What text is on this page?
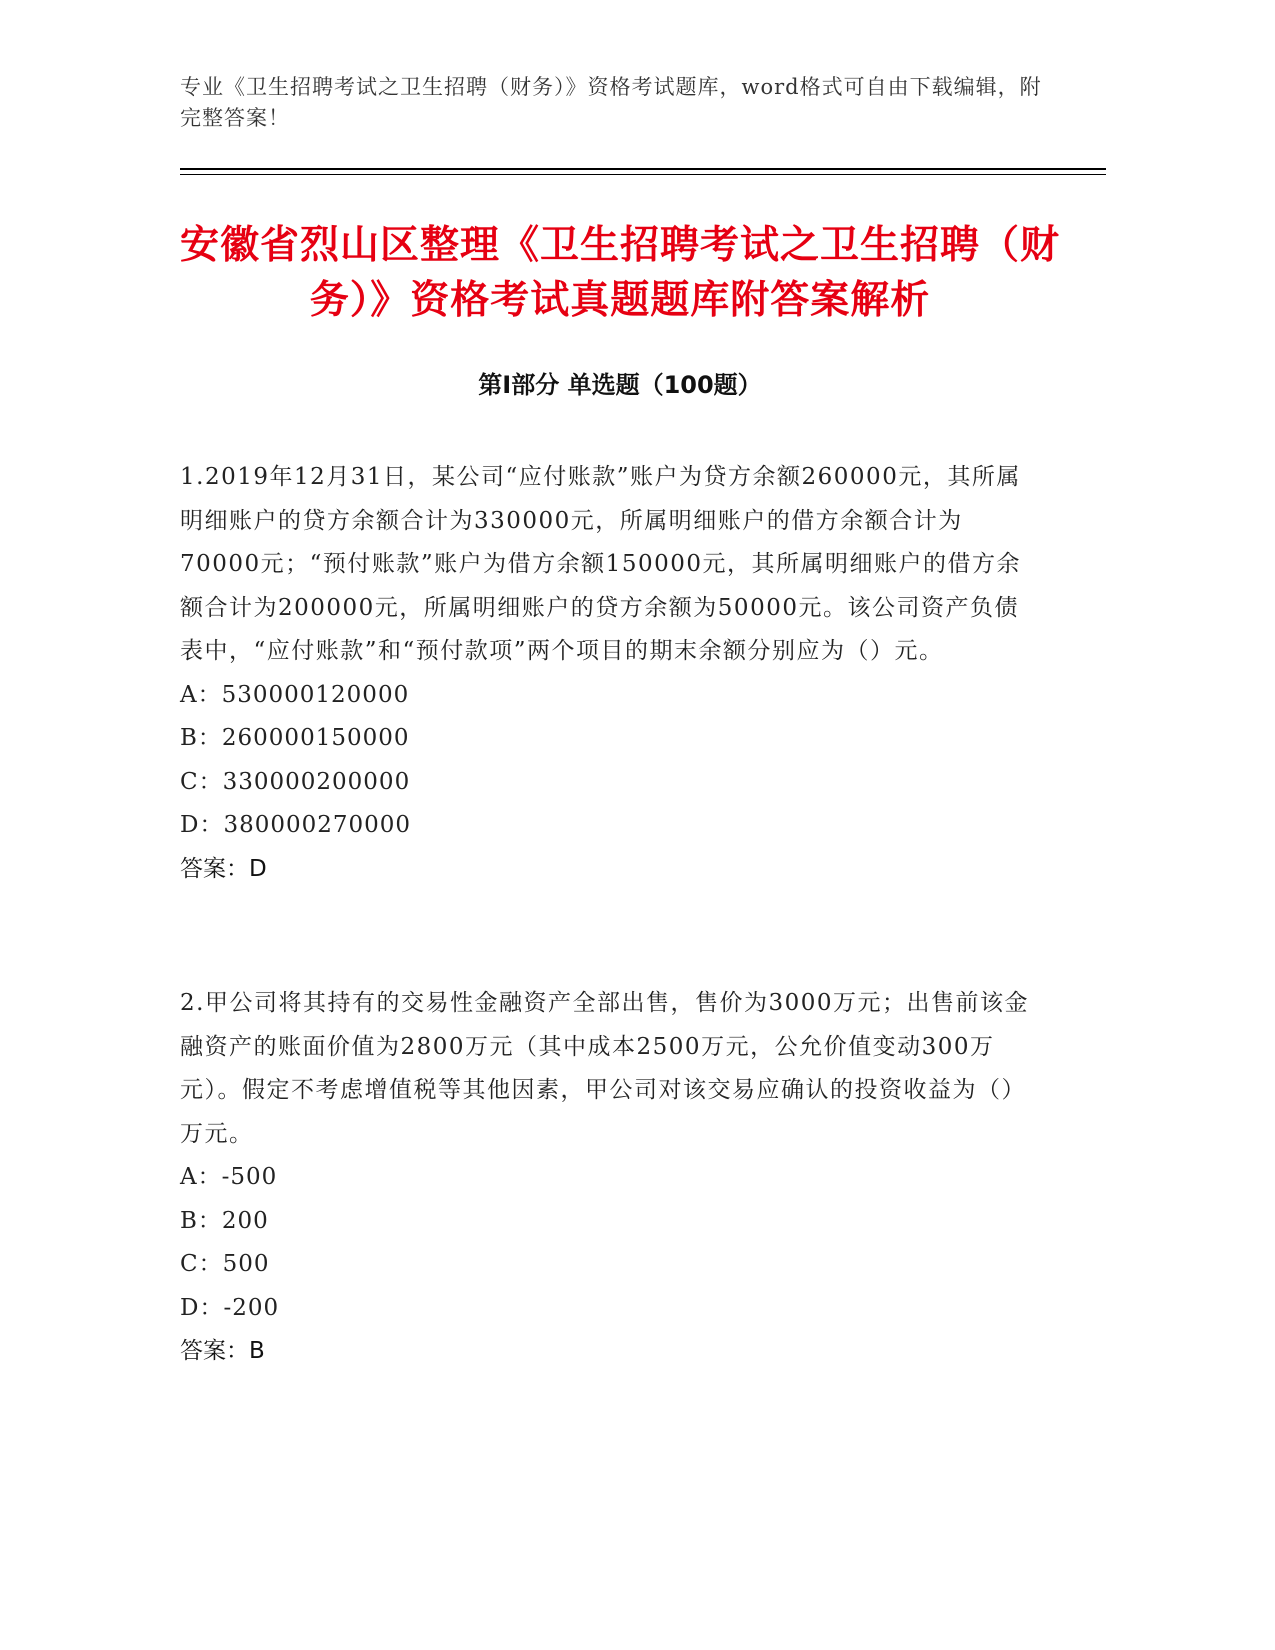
专业《卫生招聘考试之卫生招聘（财务）》资格考试题库，word格式可自由下载编辑，附完整答案！
安徽省烈山区整理《卫生招聘考试之卫生招聘（财务）》资格考试真题题库附答案解析
第Ⅰ部分 单选题（100题）

1.2019年12月31日，某公司“应付账款”账户为贷方余额260000元，其所属明细账户的贷方余额合计为330000元，所属明细账户的借方余额合计为70000元；“预付账款”账户为借方余额150000元，其所属明细账户的借方余额合计为200000元，所属明细账户的贷方余额为50000元。该公司资产负债表中，“应付账款”和“预付款项”两个项目的期末余额分别应为（）元。

A：530000120000

B：260000150000

C：330000200000

D：380000270000

答案：D

2.甲公司将其持有的交易性金融资产全部出售，售价为3000万元；出售前该金融资产的账面价值为2800万元（其中成本2500万元，公允价值变动300万元）。假定不考虑增值税等其他因素，甲公司对该交易应确认的投资收益为（）万元。

A：-500

B：200

C：500

D：-200

答案：B
